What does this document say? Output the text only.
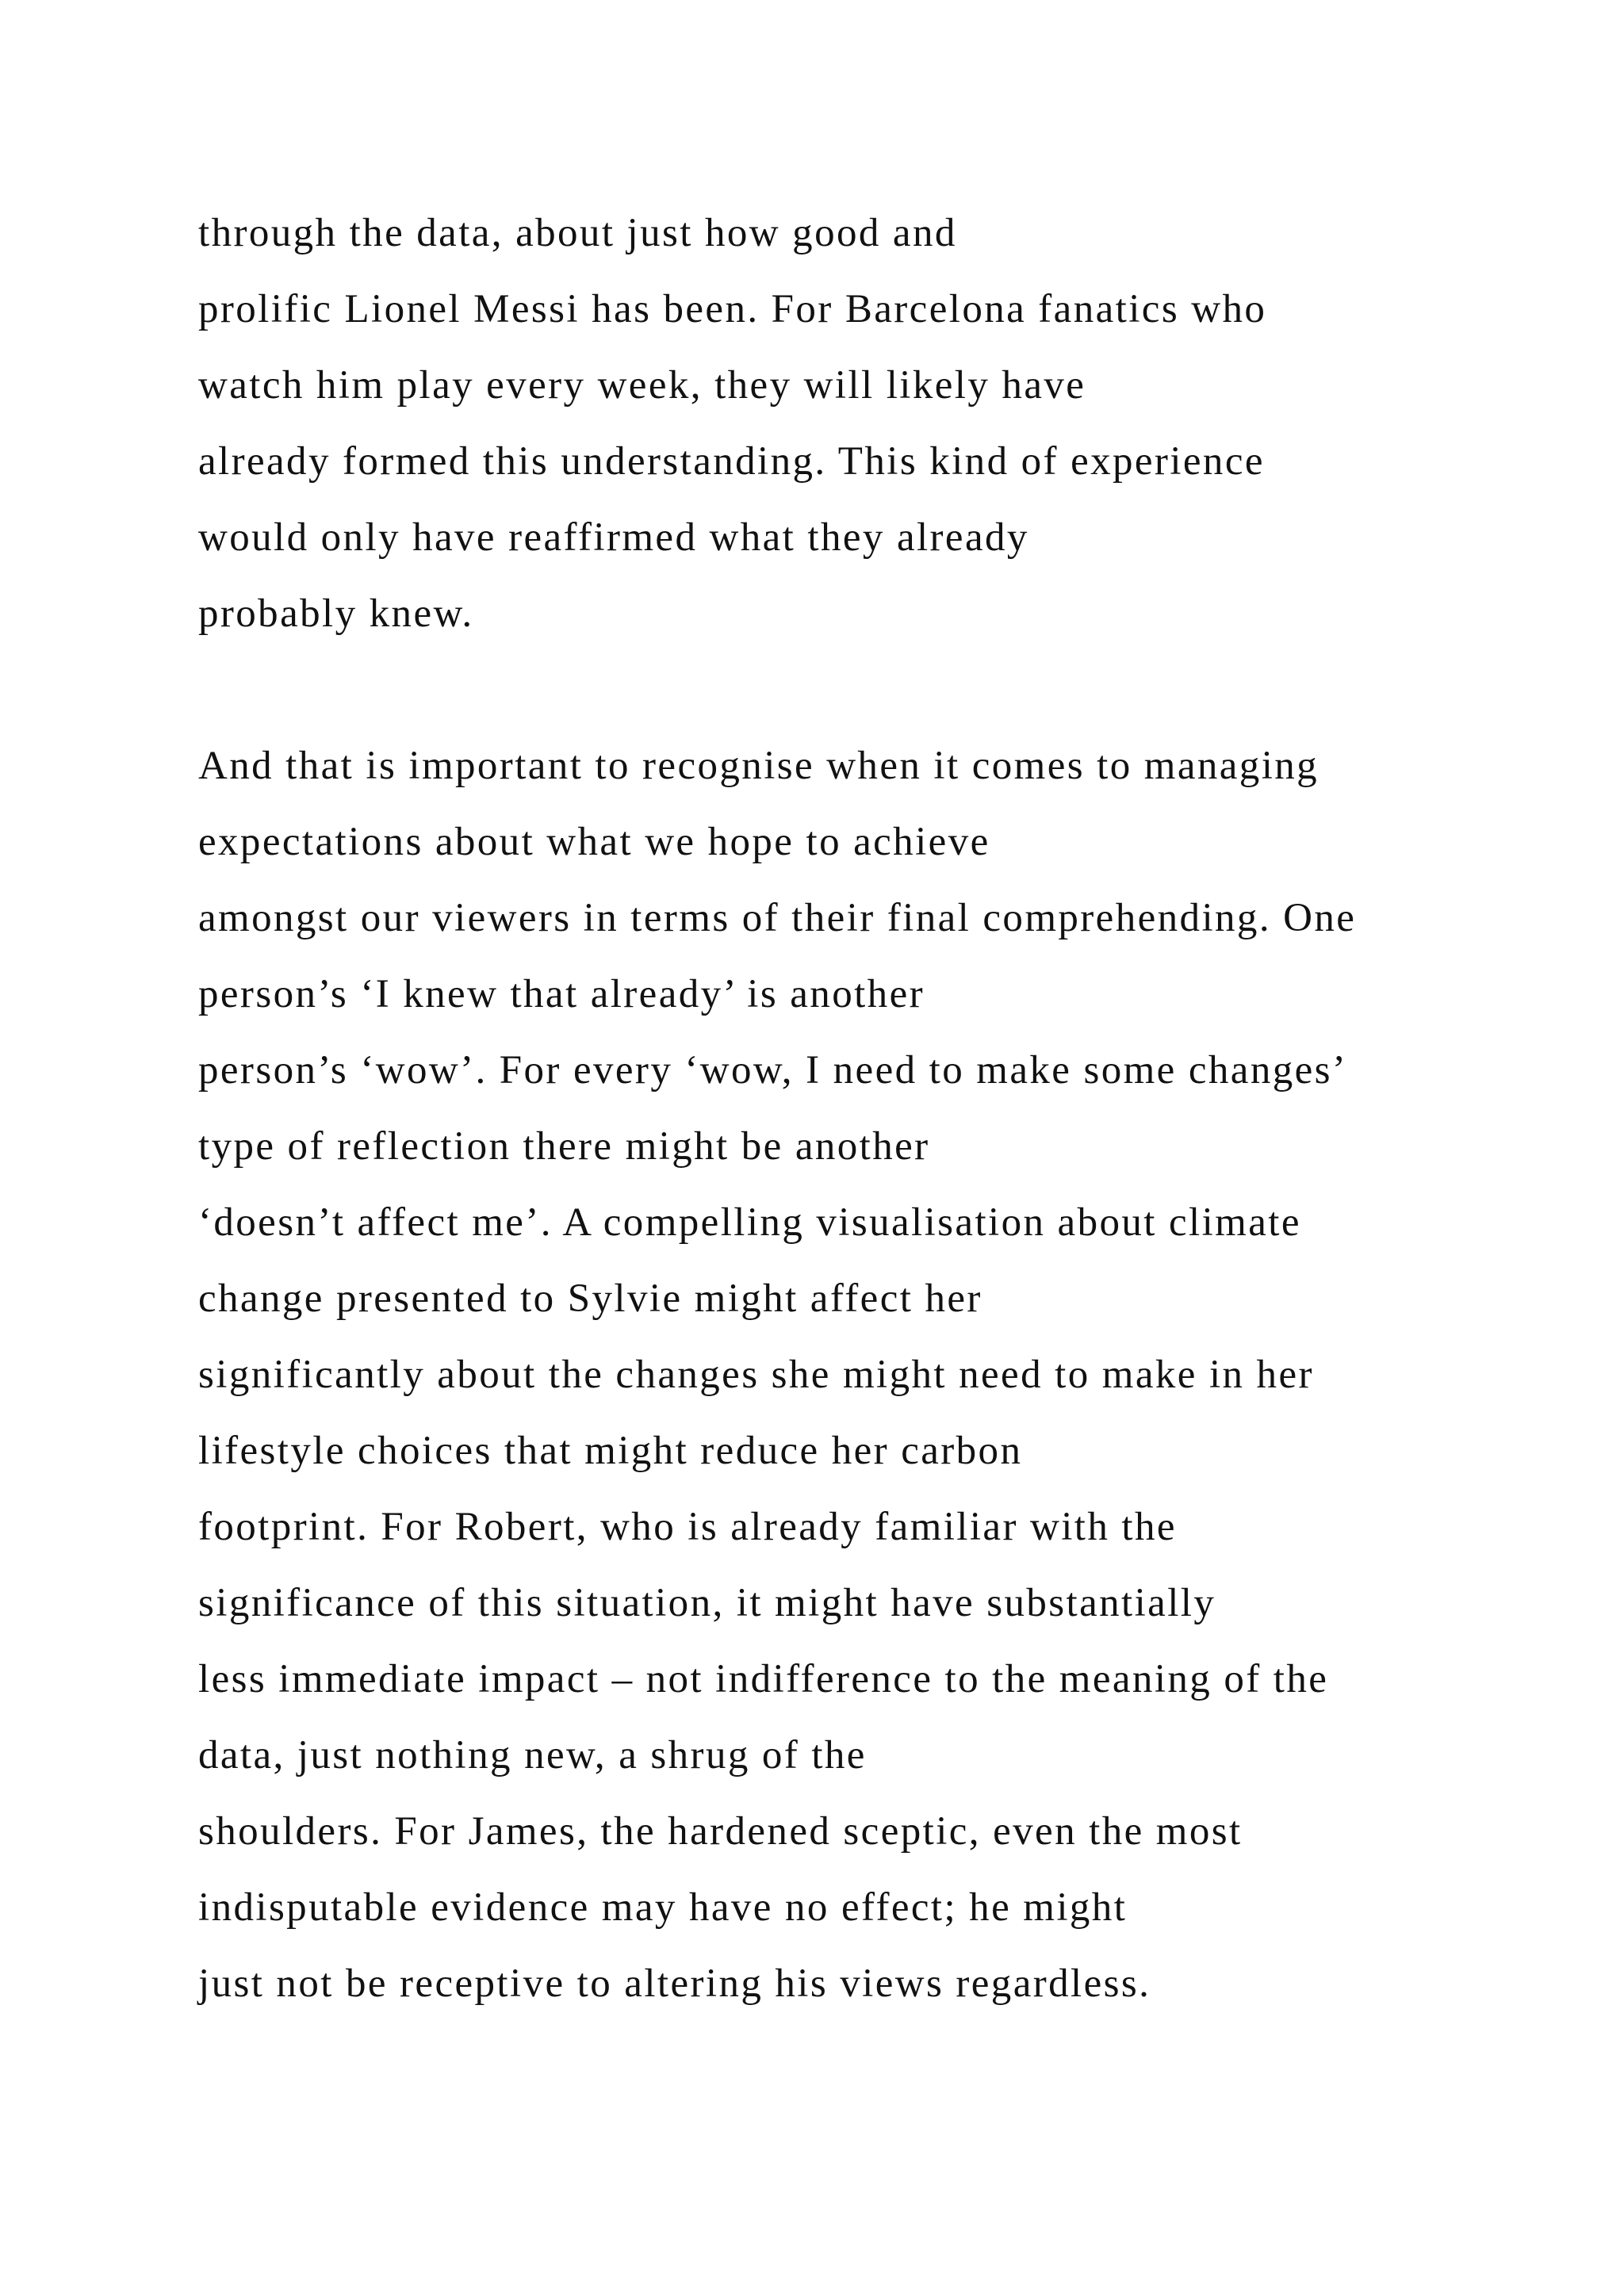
through the data, about just how good and
prolific Lionel Messi has been. For Barcelona fanatics who
watch him play every week, they will likely have
already formed this understanding. This kind of experience
would only have reaffirmed what they already
probably knew.
And that is important to recognise when it comes to managing
expectations about what we hope to achieve
amongst our viewers in terms of their final comprehending. One
person’s ‘I knew that already’ is another
person’s ‘wow’. For every ‘wow, I need to make some changes’
type of reflection there might be another
‘doesn’t affect me’. A compelling visualisation about climate
change presented to Sylvie might affect her
significantly about the changes she might need to make in her
lifestyle choices that might reduce her carbon
footprint. For Robert, who is already familiar with the
significance of this situation, it might have substantially
less immediate impact – not indifference to the meaning of the
data, just nothing new, a shrug of the
shoulders. For James, the hardened sceptic, even the most
indisputable evidence may have no effect; he might
just not be receptive to altering his views regardless.
